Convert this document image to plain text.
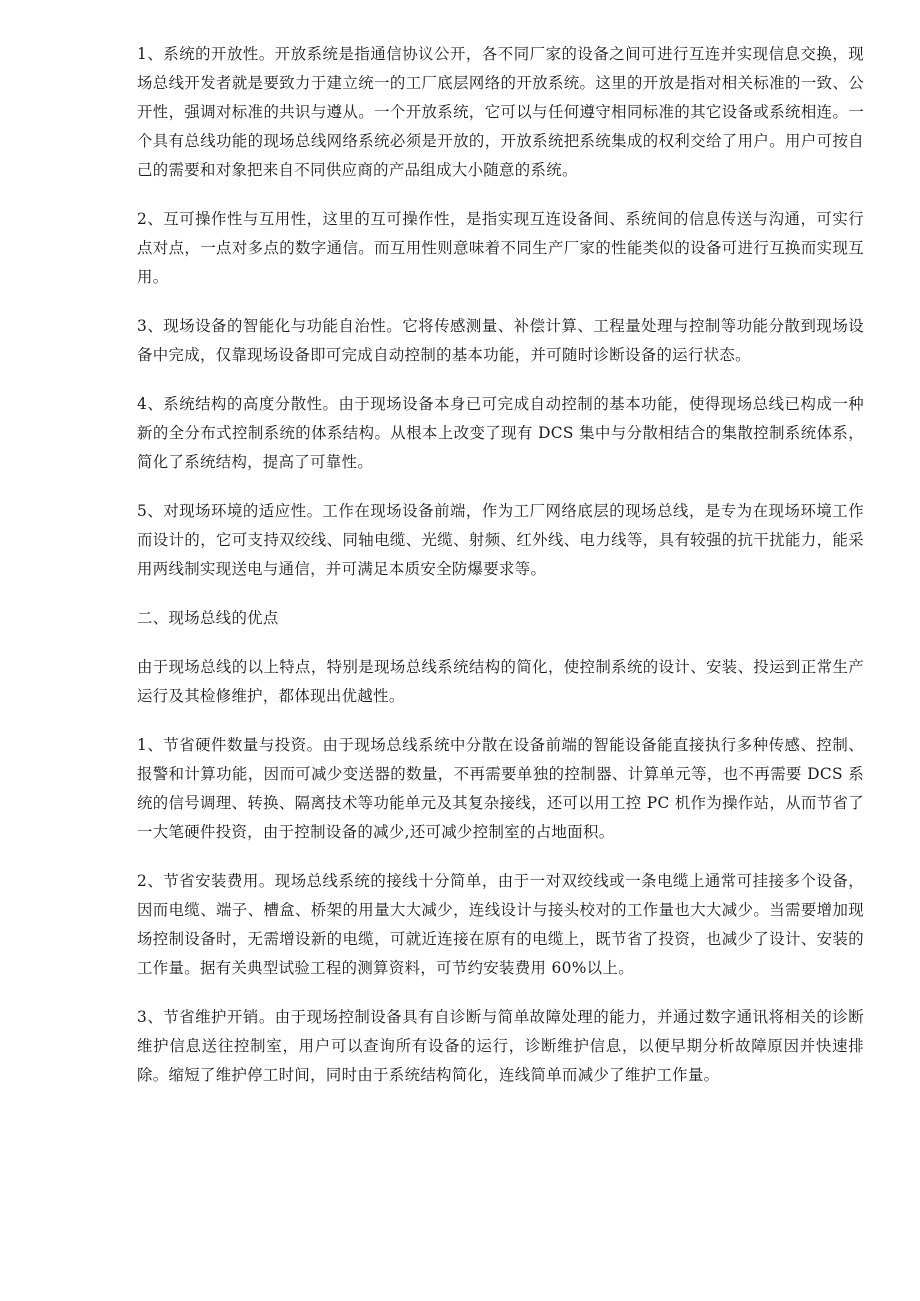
1、系统的开放性。开放系统是指通信协议公开，各不同厂家的设备之间可进行互连并实现信息交换，现场总线开发者就是要致力于建立统一的工厂底层网络的开放系统。这里的开放是指对相关标准的一致、公开性，强调对标准的共识与遵从。一个开放系统，它可以与任何遵守相同标准的其它设备或系统相连。一个具有总线功能的现场总线网络系统必须是开放的，开放系统把系统集成的权利交给了用户。用户可按自己的需要和对象把来自不同供应商的产品组成大小随意的系统。

2、互可操作性与互用性，这里的互可操作性，是指实现互连设备间、系统间的信息传送与沟通，可实行点对点，一点对多点的数字通信。而互用性则意味着不同生产厂家的性能类似的设备可进行互换而实现互用。

3、现场设备的智能化与功能自治性。它将传感测量、补偿计算、工程量处理与控制等功能分散到现场设备中完成，仅靠现场设备即可完成自动控制的基本功能，并可随时诊断设备的运行状态。

4、系统结构的高度分散性。由于现场设备本身已可完成自动控制的基本功能，使得现场总线已构成一种新的全分布式控制系统的体系结构。从根本上改变了现有 DCS 集中与分散相结合的集散控制系统体系，简化了系统结构，提高了可靠性。

5、对现场环境的适应性。工作在现场设备前端，作为工厂网络底层的现场总线，是专为在现场环境工作而设计的，它可支持双绞线、同轴电缆、光缆、射频、红外线、电力线等，具有较强的抗干扰能力，能采用两线制实现送电与通信，并可满足本质安全防爆要求等。

二、现场总线的优点

由于现场总线的以上特点，特别是现场总线系统结构的简化，使控制系统的设计、安装、投运到正常生产运行及其检修维护，都体现出优越性。

1、节省硬件数量与投资。由于现场总线系统中分散在设备前端的智能设备能直接执行多种传感、控制、报警和计算功能，因而可减少变送器的数量，不再需要单独的控制器、计算单元等，也不再需要 DCS 系统的信号调理、转换、隔离技术等功能单元及其复杂接线，还可以用工控 PC 机作为操作站，从而节省了一大笔硬件投资，由于控制设备的减少,还可减少控制室的占地面积。

2、节省安装费用。现场总线系统的接线十分简单，由于一对双绞线或一条电缆上通常可挂接多个设备，因而电缆、端子、槽盒、桥架的用量大大减少，连线设计与接头校对的工作量也大大减少。当需要增加现场控制设备时，无需增设新的电缆，可就近连接在原有的电缆上，既节省了投资，也减少了设计、安装的工作量。据有关典型试验工程的测算资料，可节约安装费用 60%以上。

3、节省维护开销。由于现场控制设备具有自诊断与简单故障处理的能力，并通过数字通讯将相关的诊断维护信息送往控制室，用户可以查询所有设备的运行，诊断维护信息，以便早期分析故障原因并快速排除。缩短了维护停工时间，同时由于系统结构简化，连线简单而减少了维护工作量。
